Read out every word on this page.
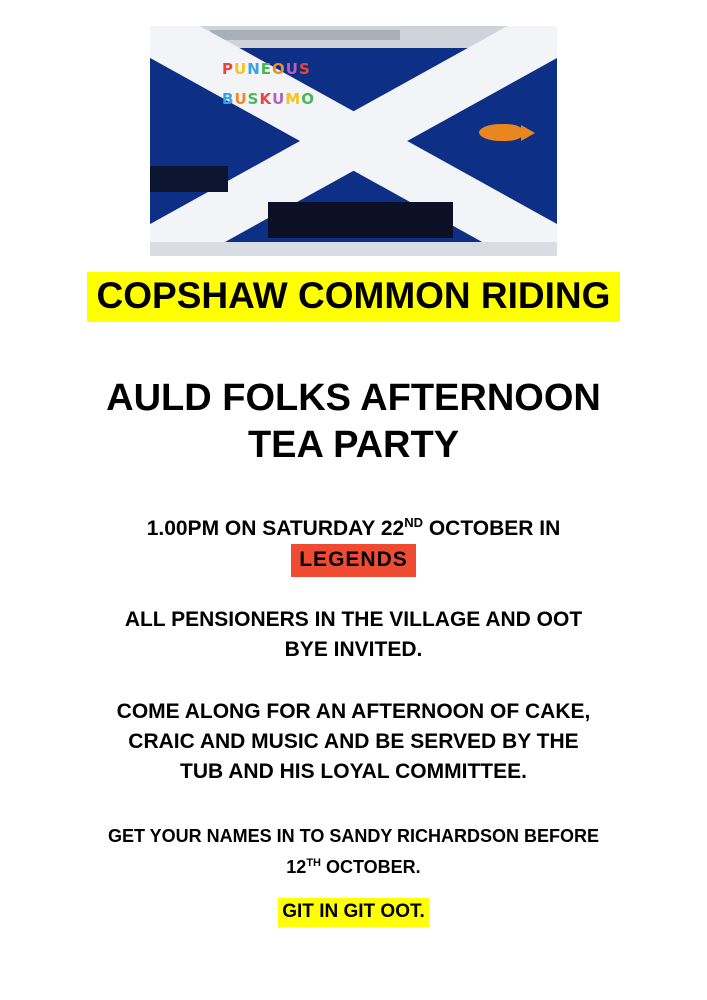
PUNEOUS
BUSKUMO
COPSHAW COMMON RIDING
AULD FOLKS AFTERNOON
TEA PARTY
1.00PM ON SATURDAY 22ND OCTOBER IN
LEGENDS
ALL PENSIONERS IN THE VILLAGE AND OOT
BYE INVITED.
COME ALONG FOR AN AFTERNOON OF CAKE,
CRAIC AND MUSIC AND BE SERVED BY THE
TUB AND HIS LOYAL COMMITTEE.
GET YOUR NAMES IN TO SANDY RICHARDSON BEFORE
12TH OCTOBER.
GIT IN GIT OOT.
